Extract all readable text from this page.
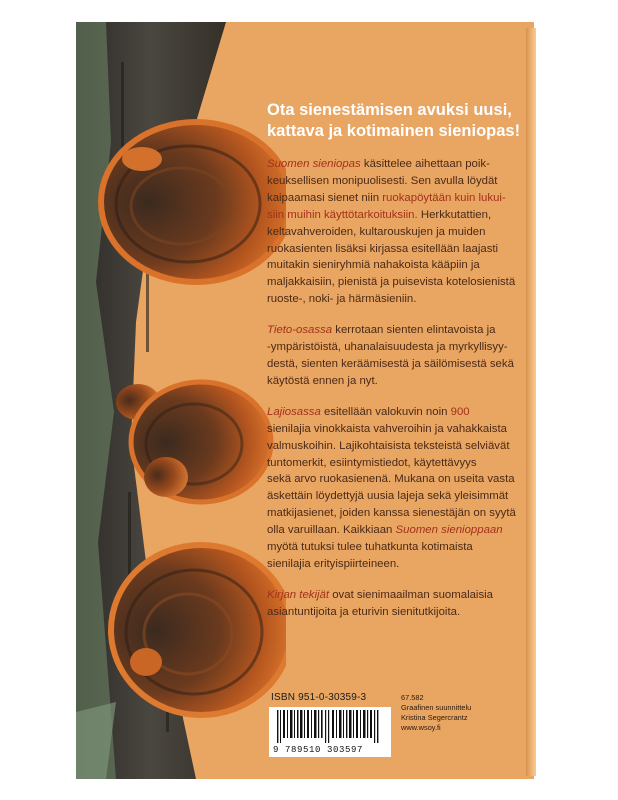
Ota sienestämisen avuksi uusi,
kattava ja kotimainen sieniopas!
Suomen sieniopas käsittelee aihettaan poik-
keuksellisen monipuolisesti. Sen avulla löydät
kaipaamasi sienet niin ruokapöytään kuin lukui-
siin muihin käyttötarkoituksiin. Herkkutattien,
keltavahveroiden, kultarouskujen ja muiden
ruokasienten lisäksi kirjassa esitellään laajasti
muitakin sieniryhmiä nahakoista kääpiin ja
maljakkaisiin, pienistä ja puisevista kotelosienistä
ruoste-, noki- ja härmäsieniin.
Tieto-osassa kerrotaan sienten elintavoista ja
-ympäristöistä, uhanalaisuudesta ja myrkyllisyy-
destä, sienten keräämisestä ja säilömisestä sekä
käytöstä ennen ja nyt.
Lajiosassa esitellään valokuvin noin 900
sienilajia vinokkaista vahveroihin ja vahakkaista
valmuskoihin. Lajikohtaisista teksteistä selviävät
tuntomerkit, esiintymistiedot, käytettävyys
sekä arvo ruokasienenä. Mukana on useita vasta
äskettäin löydettyjä uusia lajeja sekä yleisimmät
matkijasienet, joiden kanssa sienestäjän on syytä
olla varuillaan. Kaikkiaan Suomen sienioppaan
myötä tutuksi tulee tuhatkunta kotimaista
sienilajia erityispiirteineen.
Kirjan tekijät ovat sienimaailman suomalaisia
asiantuntijoita ja eturivin sienitutkijoita.
ISBN 951-0-30359-3
9 789510 303597
67.582
Graafinen suunnittelu
Kristina Segercrantz
www.wsoy.fi
